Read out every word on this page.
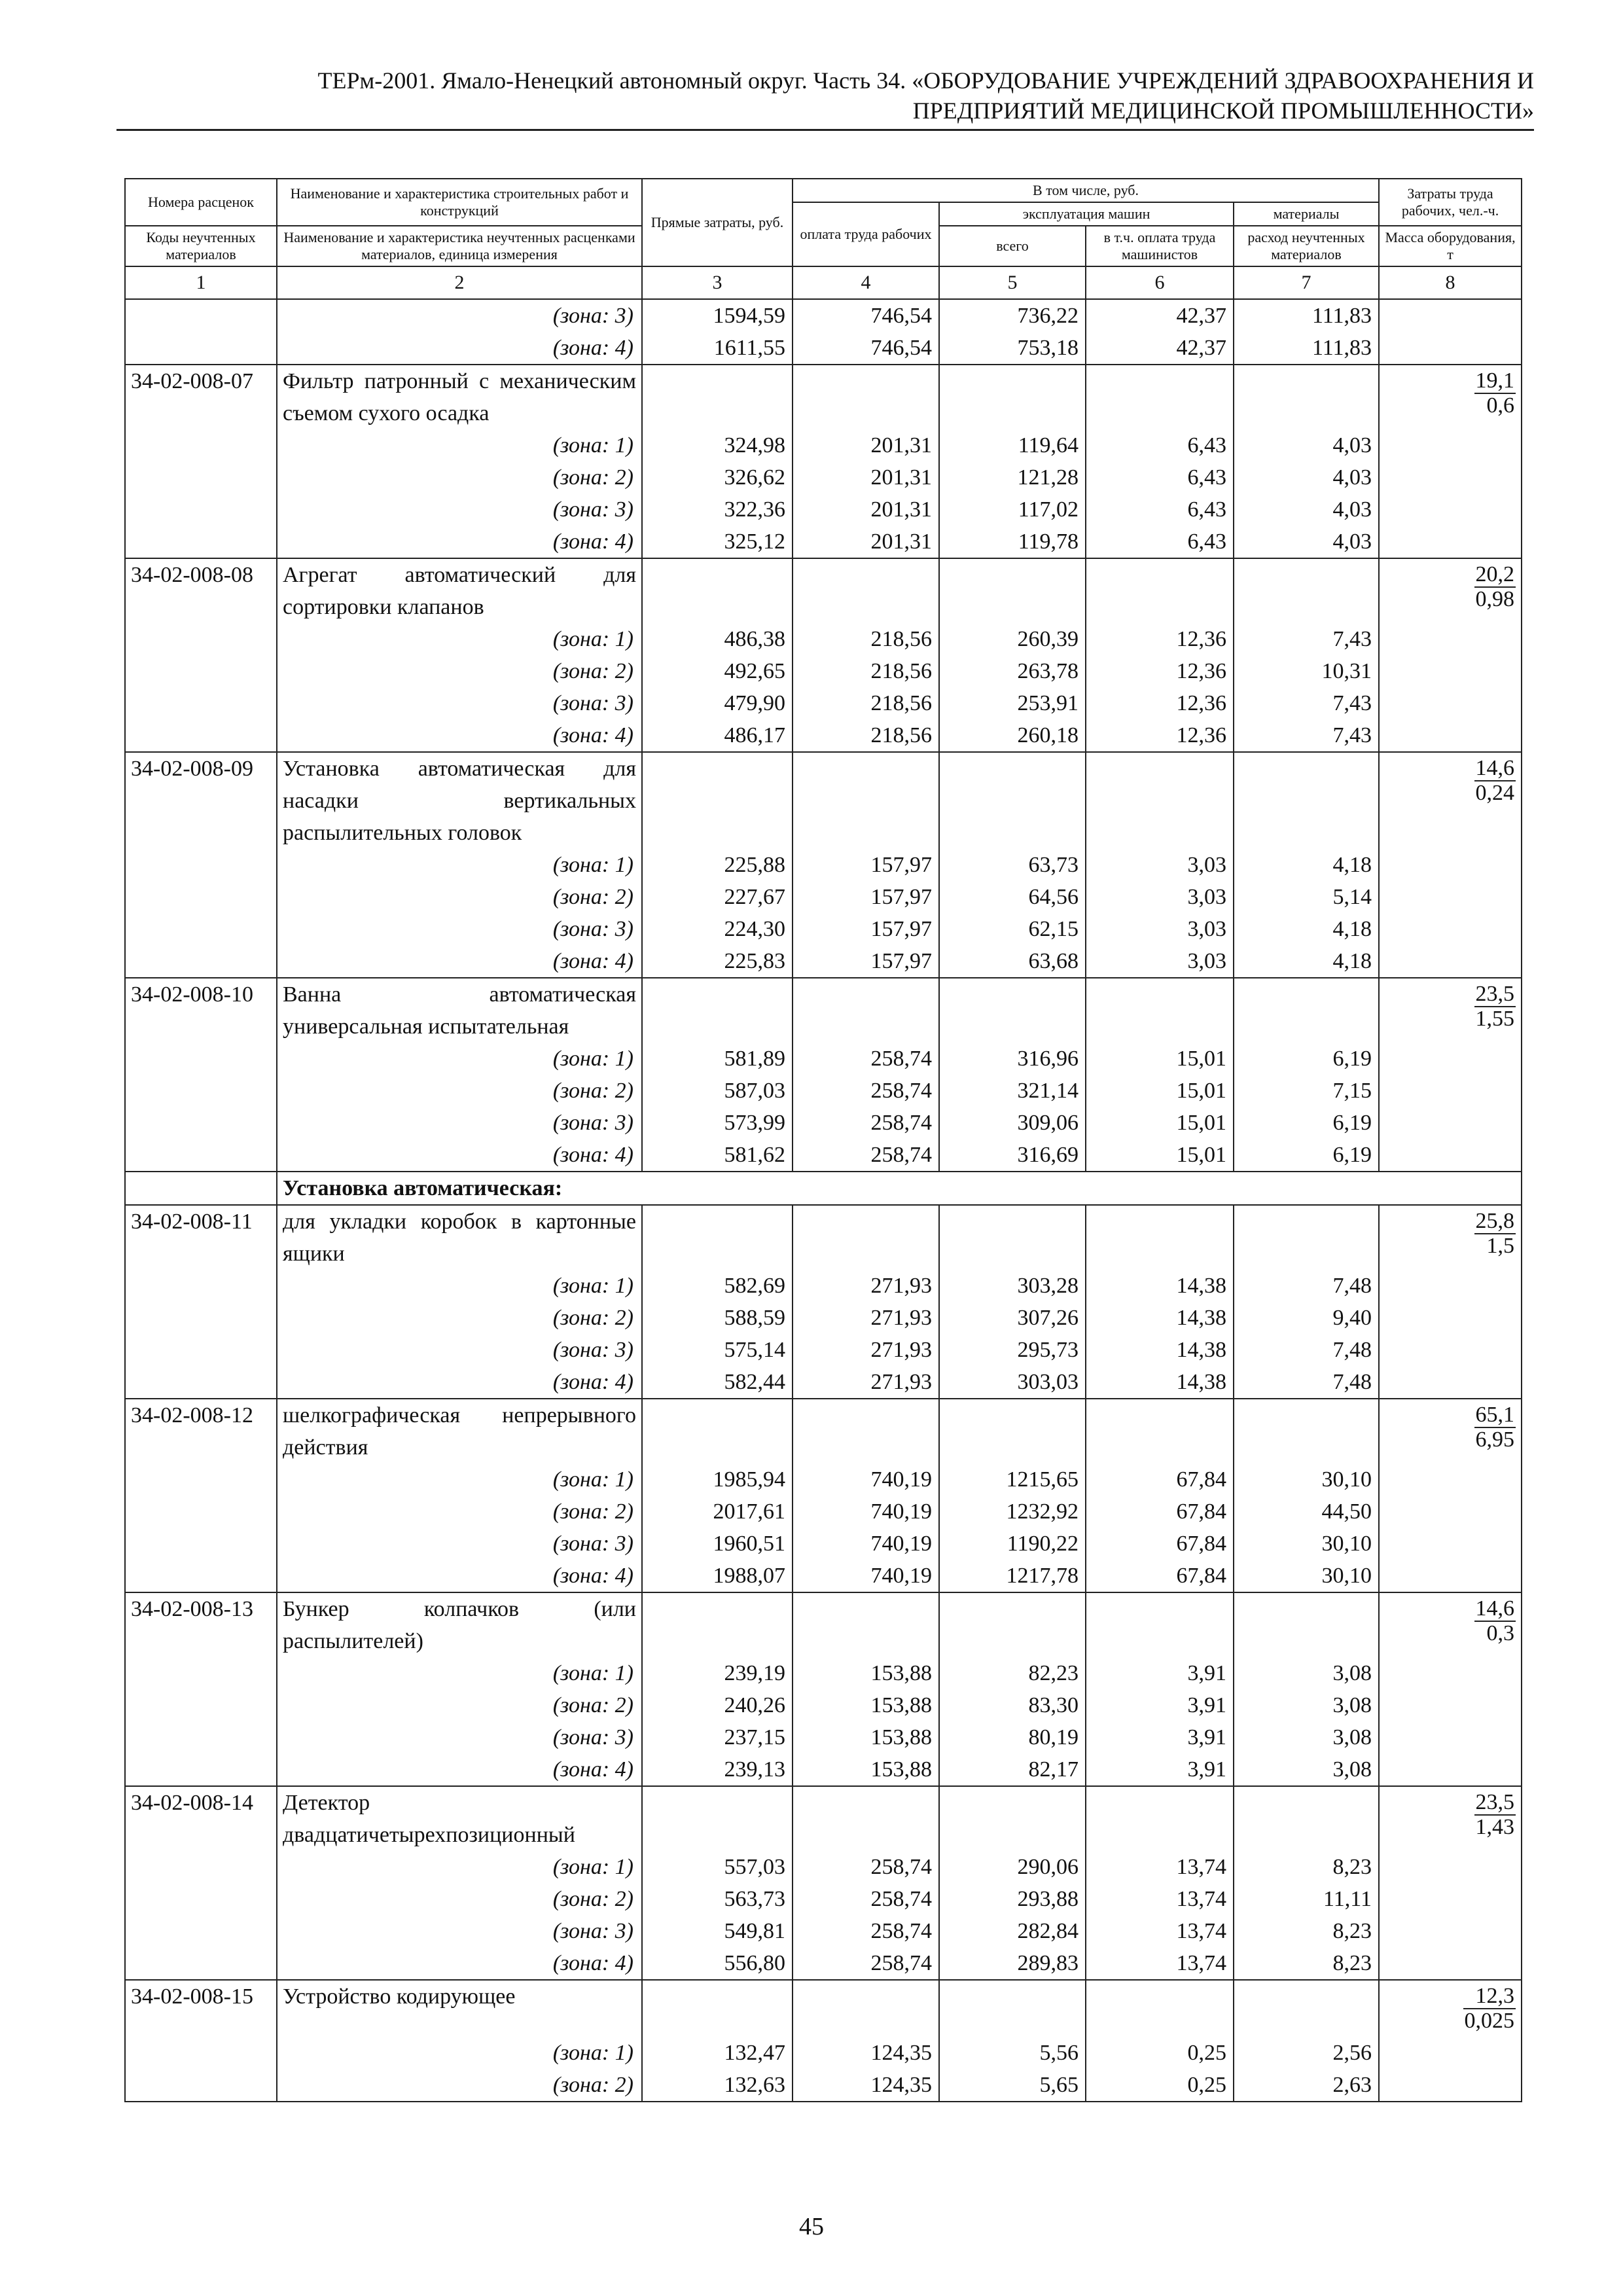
ТЕРм-2001. Ямало-Ненецкий автономный округ. Часть 34. «ОБОРУДОВАНИЕ УЧРЕЖДЕНИЙ ЗДРАВООХРАНЕНИЯ И
ПРЕДПРИЯТИЙ МЕДИЦИНСКОЙ ПРОМЫШЛЕННОСТИ»
Номера расценок	Наименование и характеристика строительных работ и конструкций	Прямые затраты, руб.	В том числе, руб.				Затраты труда рабочих, чел.-ч.
			оплата труда рабочих	эксплуатация машин		материалы	
Коды неучтенных материалов	Наименование и характеристика неучтенных расценками материалов, единица измерения			всего	в т.ч. оплата труда машинистов	расход неучтенных материалов	Масса оборудования, т
1	2	3	4	5	6	7	8
	(зона: 3)	1594,59	746,54	736,22	42,37	111,83	
	(зона: 4)	1611,55	746,54	753,18	42,37	111,83	
34-02-008-07	Фильтр патронный с механическим съемом сухого осадка						$\frac{19,1}{0,6}$

	(зона: 1)	324,98	201,31	119,64	6,43	4,03	
	(зона: 2)	326,62	201,31	121,28	6,43	4,03	
	(зона: 3)	322,36	201,31	117,02	6,43	4,03	
	(зона: 4)	325,12	201,31	119,78	6,43	4,03	
34-02-008-08	Агрегат автоматический для сортировки клапанов						$\frac{20,2}{0,98}$

	(зона: 1)	486,38	218,56	260,39	12,36	7,43	
	(зона: 2)	492,65	218,56	263,78	12,36	10,31	
	(зона: 3)	479,90	218,56	253,91	12,36	7,43	
	(зона: 4)	486,17	218,56	260,18	12,36	7,43	
34-02-008-09	Установка автоматическая для насадки вертикальных распылительных головок						$\frac{14,6}{0,24}$

	(зона: 1)	225,88	157,97	63,73	3,03	4,18	
	(зона: 2)	227,67	157,97	64,56	3,03	5,14	
	(зона: 3)	224,30	157,97	62,15	3,03	4,18	
	(зона: 4)	225,83	157,97	63,68	3,03	4,18	
34-02-008-10	Ванна автоматическая универсальная испытательная						$\frac{23,5}{1,55}$

	(зона: 1)	581,89	258,74	316,96	15,01	6,19	
	(зона: 2)	587,03	258,74	321,14	15,01	7,15	
	(зона: 3)	573,99	258,74	309,06	15,01	6,19	
	(зона: 4)	581,62	258,74	316,69	15,01	6,19	
	Установка автоматическая:						
34-02-008-11	для укладки коробок в картонные ящики						$\frac{25,8}{1,5}$

	(зона: 1)	582,69	271,93	303,28	14,38	7,48	
	(зона: 2)	588,59	271,93	307,26	14,38	9,40	
	(зона: 3)	575,14	271,93	295,73	14,38	7,48	
	(зона: 4)	582,44	271,93	303,03	14,38	7,48	
34-02-008-12	шелкографическая непрерывного действия						$\frac{65,1}{6,95}$

	(зона: 1)	1985,94	740,19	1215,65	67,84	30,10	
	(зона: 2)	2017,61	740,19	1232,92	67,84	44,50	
	(зона: 3)	1960,51	740,19	1190,22	67,84	30,10	
	(зона: 4)	1988,07	740,19	1217,78	67,84	30,10	
34-02-008-13	Бункер колпачков (или распылителей)						$\frac{14,6}{0,3}$

	(зона: 1)	239,19	153,88	82,23	3,91	3,08	
	(зона: 2)	240,26	153,88	83,30	3,91	3,08	
	(зона: 3)	237,15	153,88	80,19	3,91	3,08	
	(зона: 4)	239,13	153,88	82,17	3,91	3,08	
34-02-008-14	Детектор двадцатичетырехпозиционный						$\frac{23,5}{1,43}$

	(зона: 1)	557,03	258,74	290,06	13,74	8,23	
	(зона: 2)	563,73	258,74	293,88	13,74	11,11	
	(зона: 3)	549,81	258,74	282,84	13,74	8,23	
	(зона: 4)	556,80	258,74	289,83	13,74	8,23	
34-02-008-15	Устройство кодирующее						$\frac{12,3}{0,025}$

	(зона: 1)	132,47	124,35	5,56	0,25	2,56	
	(зона: 2)	132,63	124,35	5,65	0,25	2,63	
45
